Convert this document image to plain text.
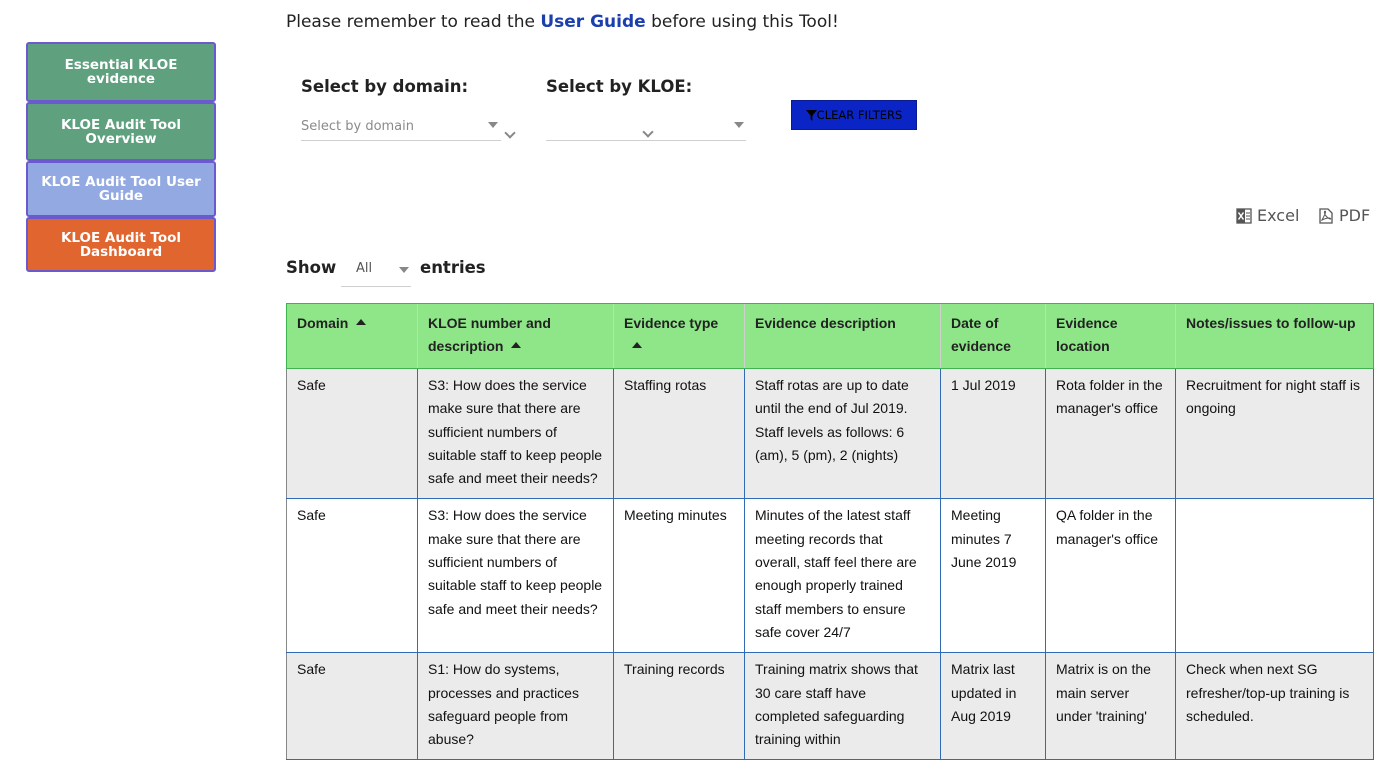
Essential KLOE evidence
KLOE Audit Tool Overview
KLOE Audit Tool User Guide
KLOE Audit Tool Dashboard
Please remember to read the User Guide before using this Tool!
Select by domain:
Select by domain
Select by KLOE:
CLEAR FILTERS
Excel PDF
Show All	entries
Domain	KLOE number and description	Evidence type	Evidence description	Date of evidence	Evidence location	Notes/issues to follow-up
Safe	S3: How does the service make sure that there are sufficient numbers of suitable staff to keep people safe and meet their needs?	Staffing rotas	Staff rotas are up to date until the end of Jul 2019. Staff levels as follows: 6 (am), 5 (pm), 2 (nights)	1 Jul 2019	Rota folder in the manager's office	Recruitment for night staff is ongoing
Safe	S3: How does the service make sure that there are sufficient numbers of suitable staff to keep people safe and meet their needs?	Meeting minutes	Minutes of the latest staff meeting records that overall, staff feel there are enough properly trained staff members to ensure safe cover 24/7	Meeting minutes 7 June 2019	QA folder in the manager's office	
Safe	S1: How do systems, processes and practices safeguard people from abuse?	Training records	Training matrix shows that 30 care staff have completed safeguarding training within	Matrix last updated in Aug 2019	Matrix is on the main server under 'training'	Check when next SG refresher/top-up training is scheduled.
